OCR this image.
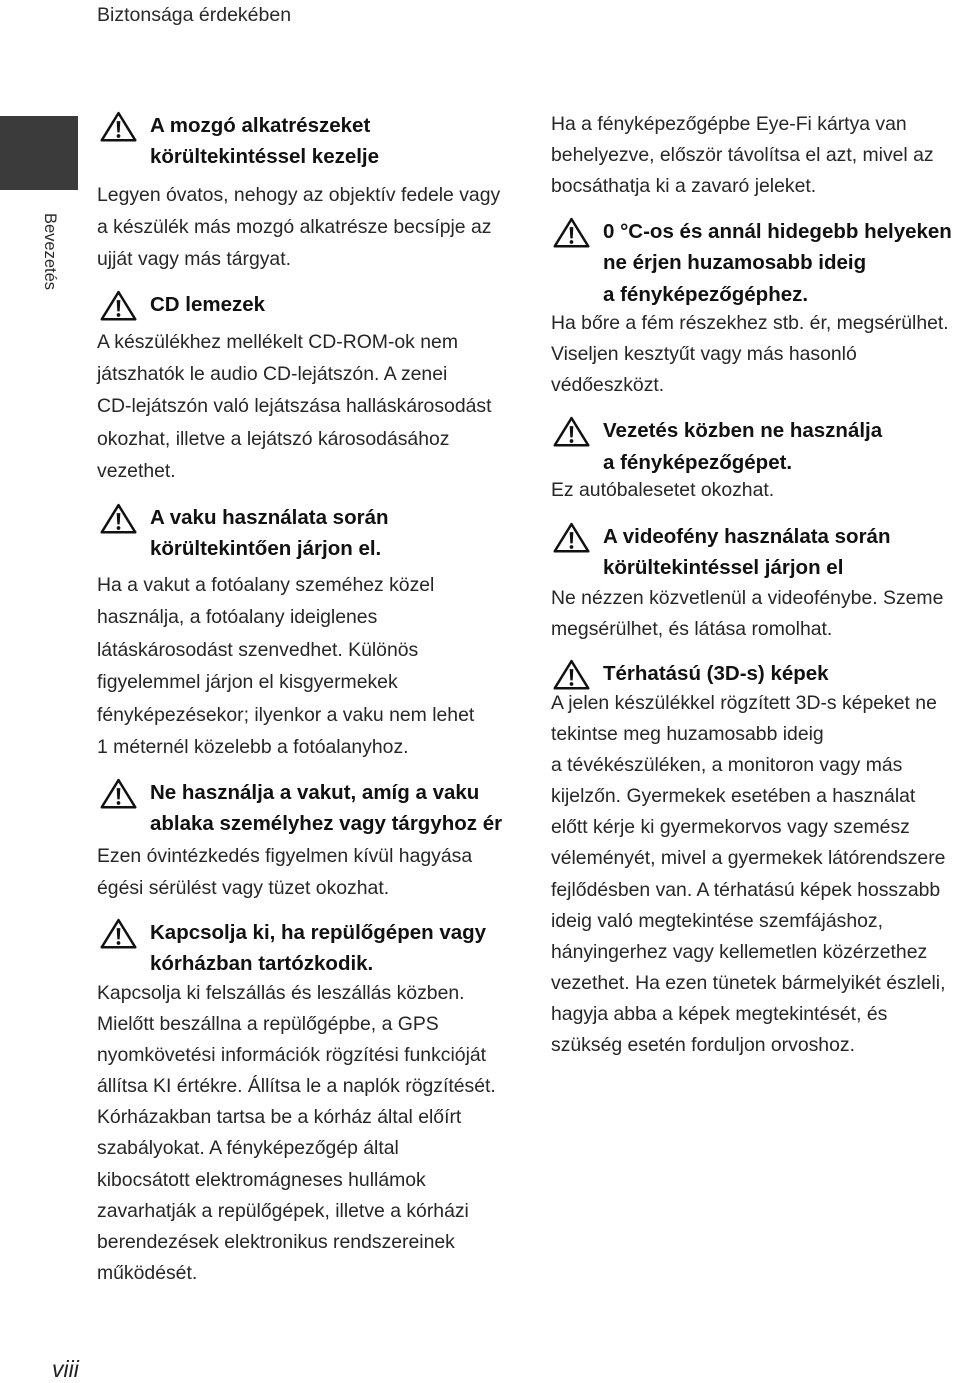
Biztonsága érdekében
Bevezetés
A mozgó alkatrészeket
körültekintéssel kezelje
Legyen óvatos, nehogy az objektív fedele vagy
a készülék más mozgó alkatrésze becsípje az
ujját vagy más tárgyat.
CD lemezek
A készülékhez mellékelt CD-ROM-ok nem
játszhatók le audio CD-lejátszón. A zenei
CD-lejátszón való lejátszása halláskárosodást
okozhat, illetve a lejátszó károsodásához
vezethet.
A vaku használata során
körültekintően járjon el.
Ha a vakut a fotóalany szeméhez közel
használja, a fotóalany ideiglenes
látáskárosodást szenvedhet. Különös
figyelemmel járjon el kisgyermekek
fényképezésekor; ilyenkor a vaku nem lehet
1 méternél közelebb a fotóalanyhoz.
Ne használja a vakut, amíg a vaku
ablaka személyhez vagy tárgyhoz ér
Ezen óvintézkedés figyelmen kívül hagyása
égési sérülést vagy tüzet okozhat.
Kapcsolja ki, ha repülőgépen vagy
kórházban tartózkodik.
Kapcsolja ki felszállás és leszállás közben.
Mielőtt beszállna a repülőgépbe, a GPS
nyomkövetési információk rögzítési funkcióját
állítsa KI értékre. Állítsa le a naplók rögzítését.
Kórházakban tartsa be a kórház által előírt
szabályokat. A fényképezőgép által
kibocsátott elektromágneses hullámok
zavarhatják a repülőgépek, illetve a kórházi
berendezések elektronikus rendszereinek
működését.
Ha a fényképezőgépbe Eye-Fi kártya van
behelyezve, először távolítsa el azt, mivel az
bocsáthatja ki a zavaró jeleket.
0 °C-os és annál hidegebb helyeken
ne érjen huzamosabb ideig
a fényképezőgéphez.
Ha bőre a fém részekhez stb. ér, megsérülhet.
Viseljen kesztyűt vagy más hasonló
védőeszközt.
Vezetés közben ne használja
a fényképezőgépet.
Ez autóbalesetet okozhat.
A videofény használata során
körültekintéssel járjon el
Ne nézzen közvetlenül a videofénybe. Szeme
megsérülhet, és látása romolhat.
Térhatású (3D-s) képek
A jelen készülékkel rögzített 3D-s képeket ne
tekintse meg huzamosabb ideig
a tévékészüléken, a monitoron vagy más
kijelzőn. Gyermekek esetében a használat
előtt kérje ki gyermekorvos vagy szemész
véleményét, mivel a gyermekek látórendszere
fejlődésben van. A térhatású képek hosszabb
ideig való megtekintése szemfájáshoz,
hányingerhez vagy kellemetlen közérzethez
vezethet. Ha ezen tünetek bármelyikét észleli,
hagyja abba a képek megtekintését, és
szükség esetén forduljon orvoshoz.
viii
